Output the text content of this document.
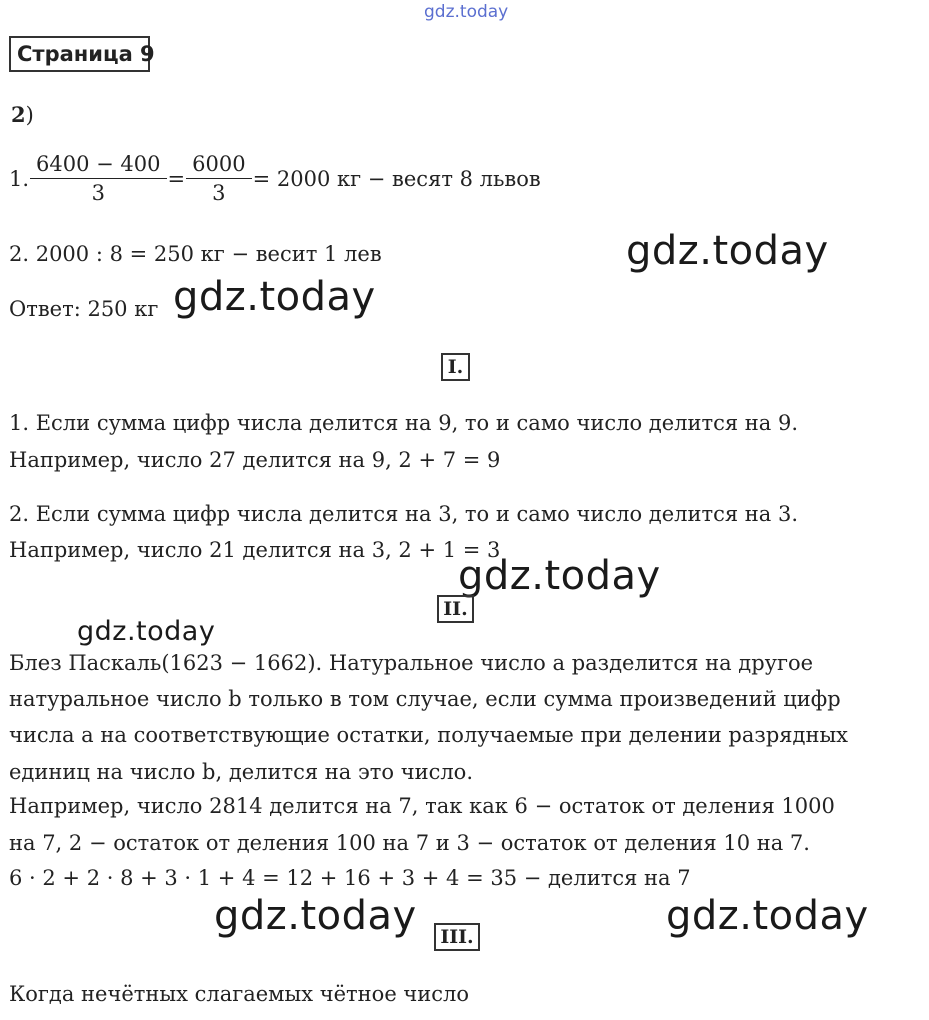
gdz.today
Страница 9
2)
1. $\frac{6400 - 400}{3} = \frac{6000}{3} = 2000$ кг − весят 8 львов
2. 2000 : 8 = 250 кг − весит 1 лев
Ответ: 250 кг
gdz.today
gdz.today
I.
1. Если сумма цифр числа делится на 9, то и само число делится на 9.
Например, число 27 делится на 9, 2 + 7 = 9
2. Если сумма цифр числа делится на 3, то и само число делится на 3.
Например, число 21 делится на 3, 2 + 1 = 3
gdz.today
II.
gdz.today
Блез Паскаль(1623 − 1662). Натуральное число а разделится на другое
натуральное число b только в том случае, если сумма произведений цифр
числа а на соответствующие остатки, получаемые при делении разрядных
единиц на число b, делится на это число.
Например, число 2814 делится на 7, так как 6 − остаток от деления 1000
на 7, 2 − остаток от деления 100 на 7 и 3 − остаток от деления 10 на 7.
6 · 2 + 2 · 8 + 3 · 1 + 4 = 12 + 16 + 3 + 4 = 35 − делится на 7
gdz.today	gdz.today
III.
Когда нечётных слагаемых чётное число
